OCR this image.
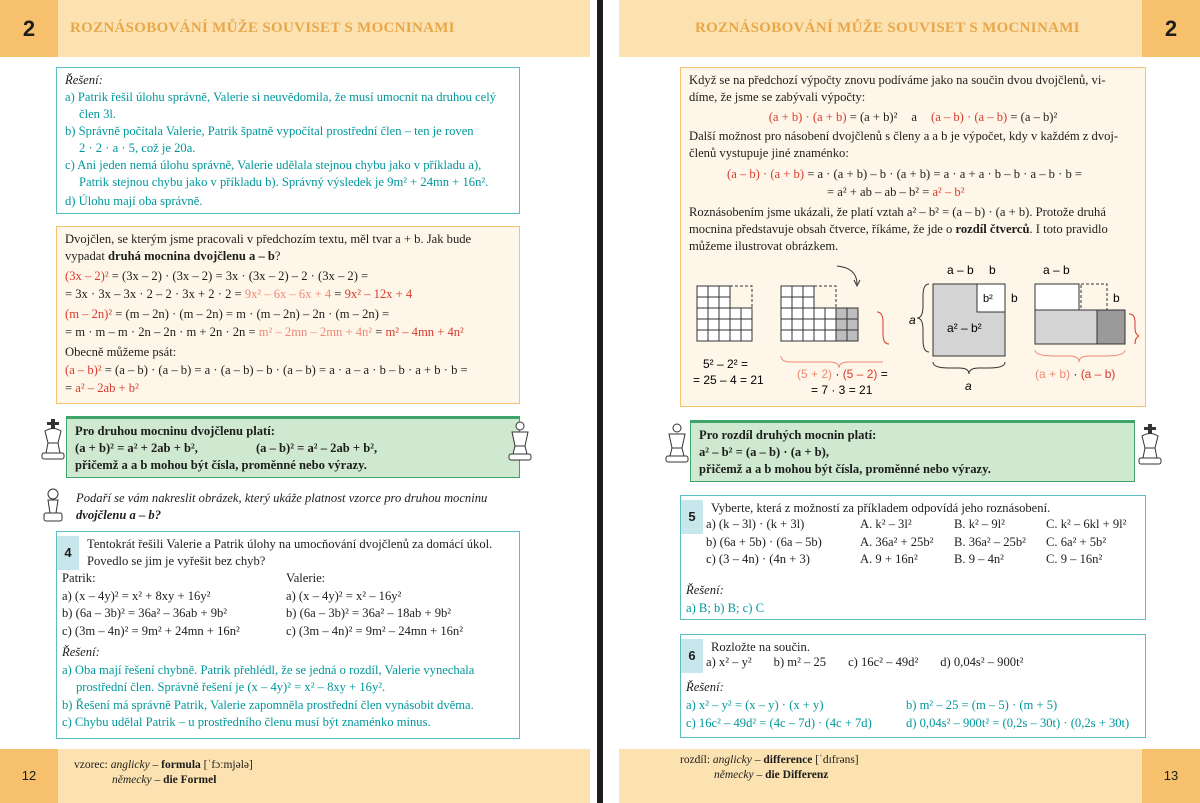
2	ROZNÁSOBOVÁNÍ MŮŽE SOUVISET S MOCNINAMI
Řešení:
a) Patrik řešil úlohu správně, Valerie si neuvědomila, že musí umocnit na druhou celý
člen 3l.
b) Správně počítala Valerie, Patrik špatně vypočítal prostřední člen – ten je roven
2 · 2 · a · 5, což je 20a.
c) Ani jeden nemá úlohu správně, Valerie udělala stejnou chybu jako v příkladu a),
Patrik stejnou chybu jako v příkladu b). Správný výsledek je 9m² + 24mn + 16n².
d) Úlohu mají oba správně.
Dvojčlen, se kterým jsme pracovali v předchozím textu, měl tvar a + b. Jak bude
vypadat druhá mocnina dvojčlenu a – b?
(3x – 2)² = (3x – 2) · (3x – 2) = 3x · (3x – 2) – 2 · (3x – 2) =
= 3x · 3x – 3x · 2 – 2 · 3x + 2 · 2 = 9x² – 6x – 6x + 4 = 9x² – 12x + 4
(m – 2n)² = (m – 2n) · (m – 2n) = m · (m – 2n) – 2n · (m – 2n) =
= m · m – m · 2n – 2n · m + 2n · 2n = m² – 2mn – 2mn + 4n² = m² – 4mn + 4n²
Obecně můžeme psát:
(a – b)² = (a – b) · (a – b) = a · (a – b) – b · (a – b) = a · a – a · b – b · a + b · b =
= a² – 2ab + b²
Pro druhou mocninu dvojčlenu platí:
(a + b)² = a² + 2ab + b²,	(a – b)² = a² – 2ab + b²,
přičemž a a b mohou být čísla, proměnné nebo výrazy.
Podaří se vám nakreslit obrázek, který ukáže platnost vzorce pro druhou mocninu
dvojčlenu a – b?
4
Tentokrát řešili Valerie a Patrik úlohy na umocňování dvojčlenů za domácí úkol.
Povedlo se jim je vyřešit bez chyb?
Patrik:
a) (x – 4y)² = x² + 8xy + 16y²
b) (6a – 3b)² = 36a² – 36ab + 9b²
c) (3m – 4n)² = 9m² + 24mn + 16n²
Valerie:
a) (x – 4y)² = x² – 16y²
b) (6a – 3b)² = 36a² – 18ab + 9b²
c) (3m – 4n)² = 9m² – 24mn + 16n²
Řešení:
a) Oba mají řešení chybně. Patrik přehlédl, že se jedná o rozdíl, Valerie vynechala
prostřední člen. Správně řešení je (x – 4y)² = x² – 8xy + 16y².
b) Řešení má správně Patrik, Valerie zapomněla prostřední člen vynásobit dvěma.
c) Chybu udělal Patrik – u prostředního členu musí být znaménko minus.
12
vzorec: anglicky – formula [ˈfɔːmjələ]
německy – die Formel
2
ROZNÁSOBOVÁNÍ MŮŽE SOUVISET S MOCNINAMI
Když se na předchozí výpočty znovu podíváme jako na součin dvou dvojčlenů, vi-
díme, že jsme se zabývali výpočty:
(a + b) · (a + b) = (a + b)² a (a – b) · (a – b) = (a – b)²
Další možnost pro násobení dvojčlenů s členy a a b je výpočet, kdy v každém z dvoj-
členů vystupuje jiné znaménko:
(a – b) · (a + b) = a · (a + b) – b · (a + b) = a · a + a · b – b · a – b · b =
= a² + ab – ab – b² = a² – b²
Roznásobením jsme ukázali, že platí vztah a² – b² = (a – b) · (a + b). Protože druhá
mocnina představuje obsah čtverce, říkáme, že jde o rozdíl čtverců. I toto pravidlo
můžeme ilustrovat obrázkem.
5² – 2² =
= 25 – 4 = 21	(5 + 2) · (5 – 2) =
= 7 · 3 = 21
a – b b
b² b
a
a² – b²
a
a – b
b
(a + b) · (a – b)
Pro rozdíl druhých mocnin platí:
a² – b² = (a – b) · (a + b),
přičemž a a b mohou být čísla, proměnné nebo výrazy.
5
Vyberte, která z možností za příkladem odpovídá jeho roznásobení.
a) (k – 3l) · (k + 3l)	A. k² – 3l²	B. k² – 9l²	C. k² – 6kl + 9l²
b) (6a + 5b) · (6a – 5b)	A. 36a² + 25b² B. 36a² – 25b² C. 6a² + 5b²
c) (3 – 4n) · (4n + 3)	A. 9 + 16n²	B. 9 – 4n²	C. 9 – 16n²
Řešení:
a) B; b) B; c) C
6
Rozložte na součin.
a) x² – y² b) m² – 25 c) 16c² – 49d² d) 0,04s² – 900t²
Řešení:
a) x² – y² = (x – y) · (x + y)	b) m² – 25 = (m – 5) · (m + 5)
c) 16c² – 49d² = (4c – 7d) · (4c + 7d)	d) 0,04s² – 900t² = (0,2s – 30t) · (0,2s + 30t)
13
rozdíl: anglicky – difference [ˈdɪfrəns]
německy – die Differenz
